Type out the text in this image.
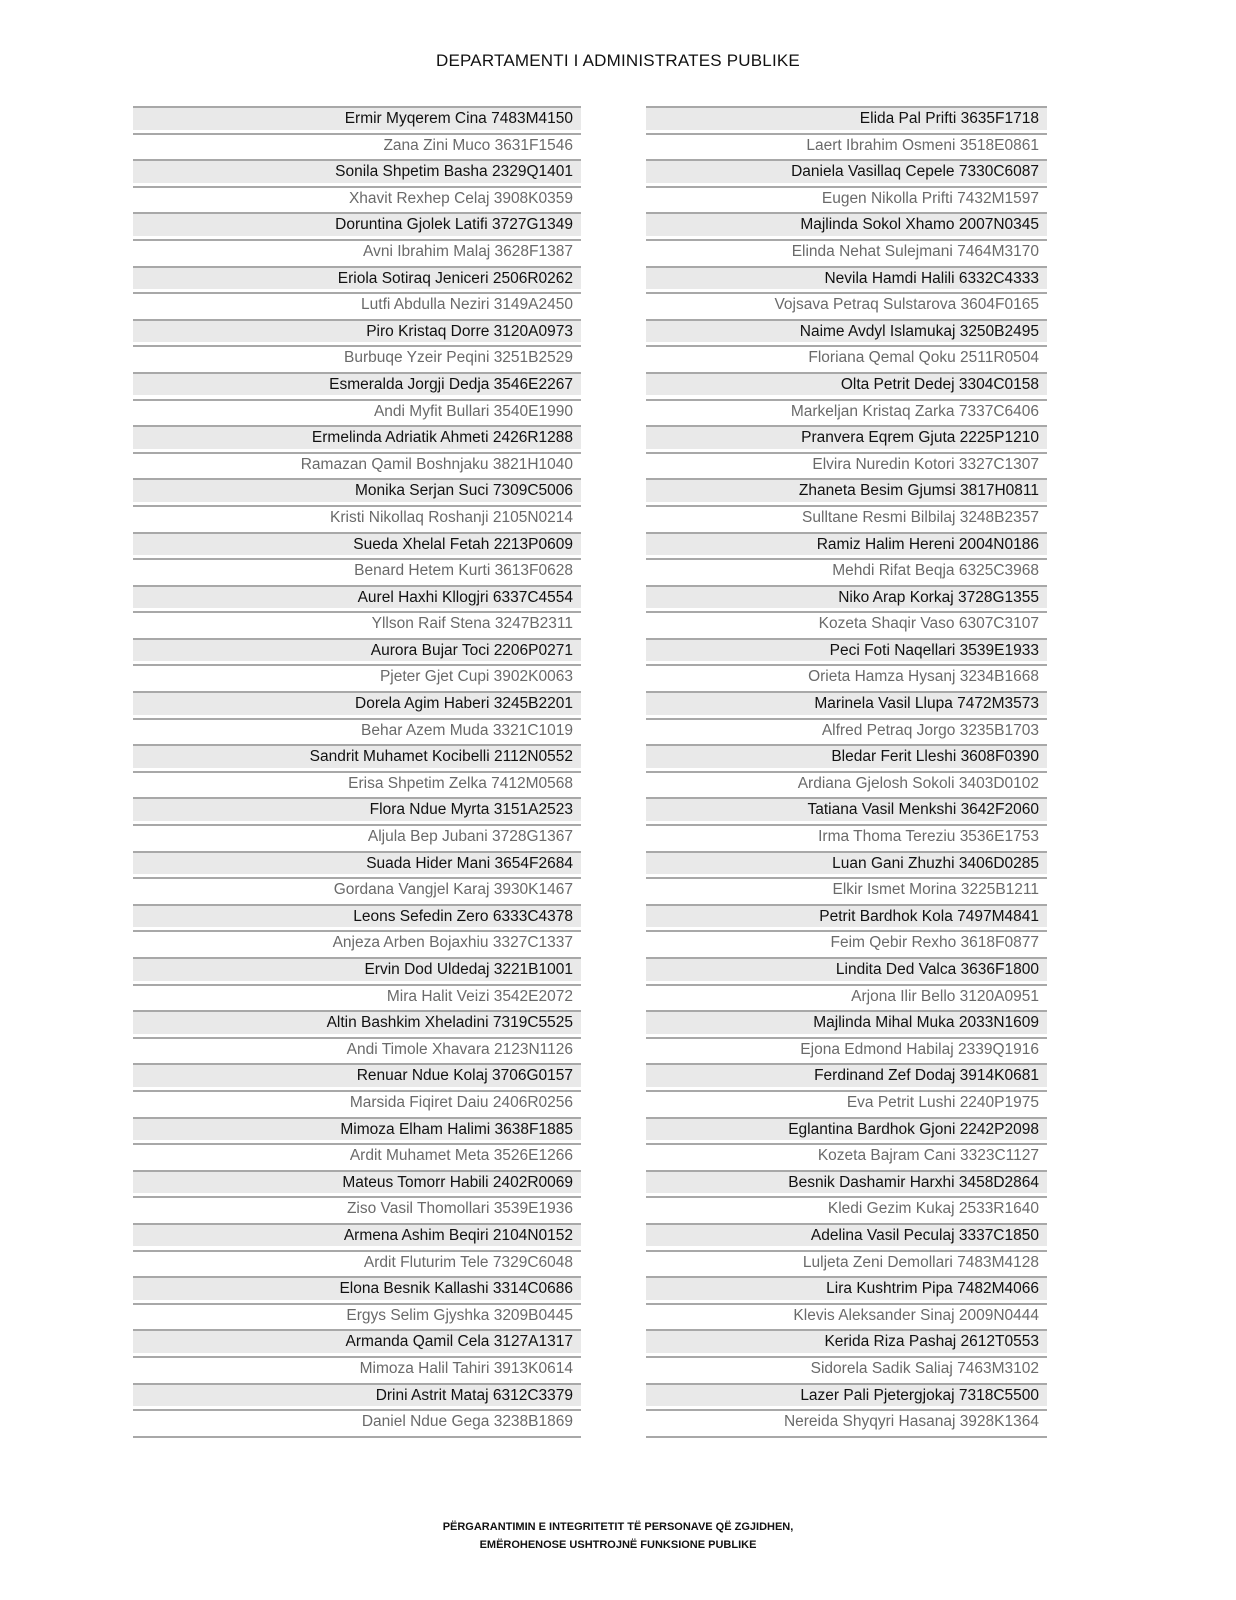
DEPARTAMENTI I ADMINISTRATES PUBLIKE
Ermir Myqerem Cina 7483M4150
Zana Zini Muco 3631F1546
Sonila Shpetim Basha 2329Q1401
Xhavit Rexhep Celaj 3908K0359
Doruntina Gjolek Latifi 3727G1349
Avni Ibrahim Malaj 3628F1387
Eriola Sotiraq Jeniceri 2506R0262
Lutfi Abdulla Neziri 3149A2450
Piro Kristaq Dorre 3120A0973
Burbuqe Yzeir Peqini 3251B2529
Esmeralda Jorgji Dedja 3546E2267
Andi Myfit Bullari 3540E1990
Ermelinda Adriatik Ahmeti 2426R1288
Ramazan Qamil Boshnjaku 3821H1040
Monika Serjan Suci 7309C5006
Kristi Nikollaq Roshanji 2105N0214
Sueda Xhelal Fetah 2213P0609
Benard Hetem Kurti 3613F0628
Aurel Haxhi Kllogjri 6337C4554
Yllson Raif Stena 3247B2311
Aurora Bujar Toci 2206P0271
Pjeter Gjet Cupi 3902K0063
Dorela Agim Haberi 3245B2201
Behar Azem Muda 3321C1019
Sandrit Muhamet Kocibelli 2112N0552
Erisa Shpetim Zelka 7412M0568
Flora Ndue Myrta 3151A2523
Aljula Bep Jubani 3728G1367
Suada Hider Mani 3654F2684
Gordana Vangjel Karaj 3930K1467
Leons Sefedin Zero 6333C4378
Anjeza Arben Bojaxhiu 3327C1337
Ervin Dod Uldedaj 3221B1001
Mira Halit Veizi 3542E2072
Altin Bashkim Xheladini 7319C5525
Andi Timole Xhavara 2123N1126
Renuar Ndue Kolaj 3706G0157
Marsida Fiqiret Daiu 2406R0256
Mimoza Elham Halimi 3638F1885
Ardit Muhamet Meta 3526E1266
Mateus Tomorr Habili 2402R0069
Ziso Vasil Thomollari 3539E1936
Armena Ashim Beqiri 2104N0152
Ardit Fluturim Tele 7329C6048
Elona Besnik Kallashi 3314C0686
Ergys Selim Gjyshka 3209B0445
Armanda Qamil Cela 3127A1317
Mimoza Halil Tahiri 3913K0614
Drini Astrit Mataj 6312C3379
Daniel Ndue Gega 3238B1869
Elida Pal Prifti 3635F1718
Laert Ibrahim Osmeni 3518E0861
Daniela Vasillaq Cepele 7330C6087
Eugen Nikolla Prifti 7432M1597
Majlinda Sokol Xhamo 2007N0345
Elinda Nehat Sulejmani 7464M3170
Nevila Hamdi Halili 6332C4333
Vojsava Petraq Sulstarova 3604F0165
Naime Avdyl Islamukaj 3250B2495
Floriana Qemal Qoku 2511R0504
Olta Petrit Dedej 3304C0158
Markeljan Kristaq Zarka 7337C6406
Pranvera Eqrem Gjuta 2225P1210
Elvira Nuredin Kotori 3327C1307
Zhaneta Besim Gjumsi 3817H0811
Sulltane Resmi Bilbilaj 3248B2357
Ramiz Halim Hereni 2004N0186
Mehdi Rifat Beqja 6325C3968
Niko Arap Korkaj 3728G1355
Kozeta Shaqir Vaso 6307C3107
Peci Foti Naqellari 3539E1933
Orieta Hamza Hysanj 3234B1668
Marinela Vasil Llupa 7472M3573
Alfred Petraq Jorgo 3235B1703
Bledar Ferit Lleshi 3608F0390
Ardiana Gjelosh Sokoli 3403D0102
Tatiana Vasil Menkshi 3642F2060
Irma Thoma Tereziu 3536E1753
Luan Gani Zhuzhi 3406D0285
Elkir Ismet Morina 3225B1211
Petrit Bardhok Kola 7497M4841
Feim Qebir Rexho 3618F0877
Lindita Ded Valca 3636F1800
Arjona Ilir Bello 3120A0951
Majlinda Mihal Muka 2033N1609
Ejona Edmond Habilaj 2339Q1916
Ferdinand Zef Dodaj 3914K0681
Eva Petrit Lushi 2240P1975
Eglantina Bardhok Gjoni 2242P2098
Kozeta Bajram Cani 3323C1127
Besnik Dashamir Harxhi 3458D2864
Kledi Gezim Kukaj 2533R1640
Adelina Vasil Peculaj 3337C1850
Luljeta Zeni Demollari 7483M4128
Lira Kushtrim Pipa 7482M4066
Klevis Aleksander Sinaj 2009N0444
Kerida Riza Pashaj 2612T0553
Sidorela Sadik Saliaj 7463M3102
Lazer Pali Pjetergjokaj 7318C5500
Nereida Shyqyri Hasanaj 3928K1364
PËRGARANTIMIN E INTEGRITETIT TË PERSONAVE QË ZGJIDHEN,
EMËROHENOSE USHTROJNË FUNKSIONE PUBLIKE
